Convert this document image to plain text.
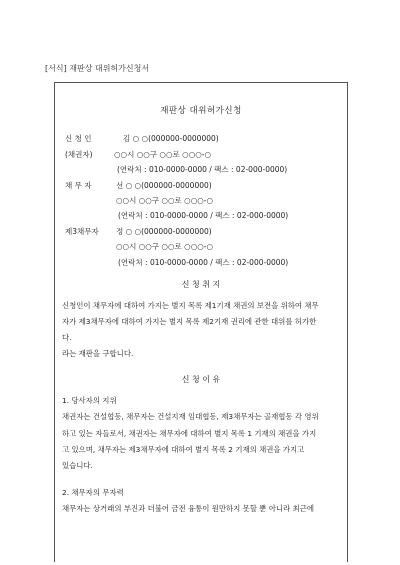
[서식] 재판상 대위허가신청서
재판상 대위허가신청
신 청 인
(채권자)
김 ○ ○(000000-0000000)
○○시 ○○구 ○○로 ○○○-○
(연락처 : 010-0000-0000 / 팩스 : 02-000-0000)
채 무 자	선 ○ ○(000000-0000000)
○○시 ○○구 ○○로 ○○○-○
(연락처 : 010-0000-0000 / 팩스 : 02-000-0000)
제3채무자 정 ○ ○(000000-0000000)
○○시 ○○구 ○○로 ○○○-○
(연락처 : 010-0000-0000 / 팩스 : 02-000-0000)
신 청 취 지
신청인이 채무자에 대하여 가지는 별지 목록 제1기재 채권의 보전을 위하여 채무
자가 제3채무자에 대하여 가지는 별지 목록 제2기재 권리에 관한 대위를 허가한
다.
라는 재판을 구합니다.
신 청 이 유
1. 당사자의 지위
채권자는 건설협동, 채무자는 건설지재 임대협동, 제3채무자는 골재협동 각 영위
하고 있는 자들로서, 채권자는 채무자에 대하여 별지 목록 1 기재의 채권을 가지
고 있으며, 채무자는 제3채무자에 대하여 별지 목록 2 기재의 채권을 가지고
있습니다.
2. 채무자의 무자력
채무자는 상거래의 부진과 더불어 금전 융통이 원만하지 못할 뿐 아니라 최근에
